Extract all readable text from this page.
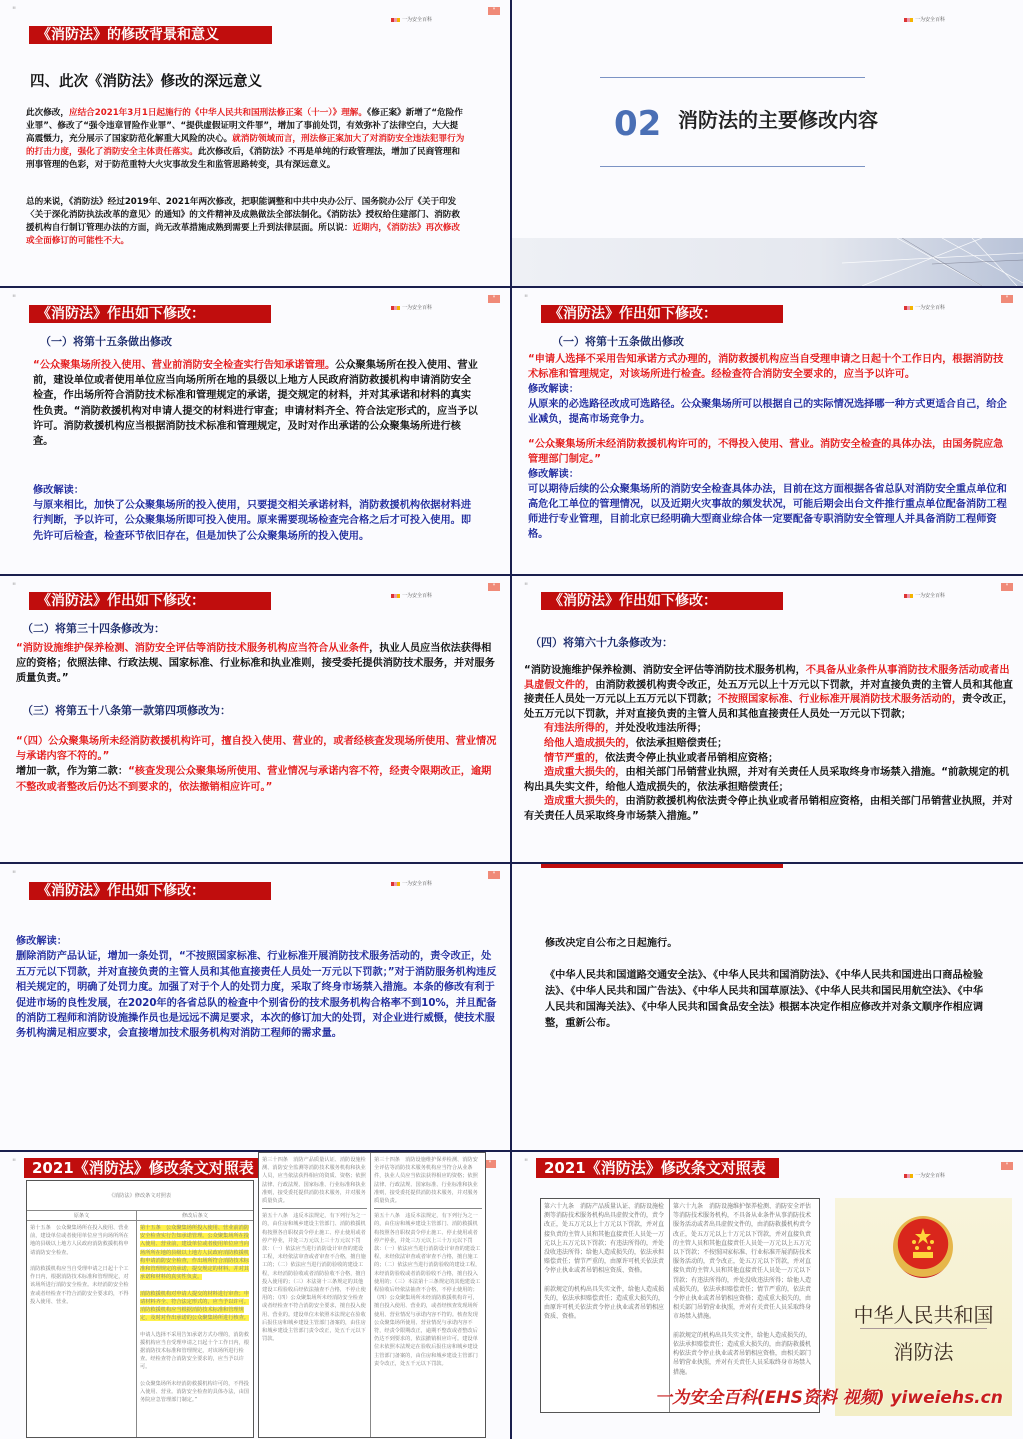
"
一为安全百科
"
《消防法》的修改背景和意义
四、此次《消防法》修改的深远意义
此次修改，应结合2021年3月1日起施行的《中华人民共和国刑法修正案（十一）》理解。《修正案》新增了“危险作业罪”、修改了“强令违章冒险作业罪”、“提供虚假证明文件罪”，增加了事前处罚，有效弥补了法律空白，大大提高震慑力，充分展示了国家防范化解重大风险的决心。就消防领域而言，刑法修正案加大了对消防安全违法犯罪行为的打击力度，强化了消防安全主体责任落实。此次修改后，《消防法》不再是单纯的行政管理法，增加了民商管理和刑事管理的色彩，对于防范重特大火灾事故发生和监管思路转变，具有深远意义。
总的来说，《消防法》经过2019年、2021年两次修改，把职能调整和中共中央办公厅、国务院办公厅《关于印发〈关于深化消防执法改革的意见〉的通知》的文件精神及成熟做法全部法制化。《消防法》授权给住建部门、消防救援机构自行制订管理办法的方面，尚无改革措施成熟到需要上升到法律层面。所以说：近期内，《消防法》再次修改或全面修订的可能性不大。
一为安全百科
02 消防法的主要修改内容
"
一为安全百科
"
《消防法》作出如下修改：
（一）将第十五条做出修改
“公众聚集场所投入使用、营业前消防安全检查实行告知承诺管理。公众聚集场所在投入使用、营业前，建设单位或者使用单位应当向场所所在地的县级以上地方人民政府消防救援机构申请消防安全检查，作出场所符合消防技术标准和管理规定的承诺，提交规定的材料，并对其承诺和材料的真实性负责。“消防救援机构对申请人提交的材料进行审查；申请材料齐全、符合法定形式的，应当予以许可。消防救援机构应当根据消防技术标准和管理规定，及时对作出承诺的公众聚集场所进行核查。
修改解读：
与原来相比，加快了公众聚集场所的投入使用，只要提交相关承诺材料，消防救援机构依据材料进行判断，予以许可，公众聚集场所即可投入使用。原来需要现场检查完合格之后才可投入使用。即先许可后检查，检查环节依旧存在，但是加快了公众聚集场所的投入使用。
"
一为安全百科
"
《消防法》作出如下修改：
（一）将第十五条做出修改
“申请人选择不采用告知承诺方式办理的，消防救援机构应当自受理申请之日起十个工作日内，根据消防技术标准和管理规定，对该场所进行检查。经检查符合消防安全要求的，应当予以许可。
修改解读：
从原来的必选路径改成可选路径。公众聚集场所可以根据自己的实际情况选择哪一种方式更适合自己，给企业减负，提高市场竞争力。
“公众聚集场所未经消防救援机构许可的，不得投入使用、营业。消防安全检查的具体办法，由国务院应急管理部门制定。”
修改解读：
可以期待后续的公众聚集场所的消防安全检查具体办法，目前在这方面根据各省总队对消防安全重点单位和高危化工单位的管理情况，以及近期火灾事故的频发状况，可能后期会出台文件推行重点单位配备消防工程师进行专业管理，目前北京已经明确大型商业综合体一定要配备专职消防安全管理人并具备消防工程师资格。
"
一为安全百科
"
《消防法》作出如下修改：
（二）将第三十四条修改为：
“消防设施维护保养检测、消防安全评估等消防技术服务机构应当符合从业条件，执业人员应当依法获得相应的资格；依照法律、行政法规、国家标准、行业标准和执业准则，接受委托提供消防技术服务，并对服务质量负责。”
（三）将第五十八条第一款第四项修改为：
“（四）公众聚集场所未经消防救援机构许可，擅自投入使用、营业的，或者经核查发现场所使用、营业情况与承诺内容不符的。”
增加一款，作为第二款：“核查发现公众聚集场所使用、营业情况与承诺内容不符，经责令限期改正，逾期不整改或者整改后仍达不到要求的，依法撤销相应许可。”
"
一为安全百科
"
《消防法》作出如下修改：
（四）将第六十九条修改为：
“消防设施维护保养检测、消防安全评估等消防技术服务机构，不具备从业条件从事消防技术服务活动或者出具虚假文件的，由消防救援机构责令改正，处五万元以上十万元以下罚款，并对直接负责的主管人员和其他直接责任人员处一万元以上五万元以下罚款；不按照国家标准、行业标准开展消防技术服务活动的，责令改正，处五万元以下罚款，并对直接负责的主管人员和其他直接责任人员处一万元以下罚款；
有违法所得的，并处没收违法所得；
给他人造成损失的，依法承担赔偿责任；
情节严重的，依法责令停止执业或者吊销相应资格；
造成重大损失的，由相关部门吊销营业执照，并对有关责任人员采取终身市场禁入措施。“前款规定的机构出具失实文件，给他人造成损失的，依法承担赔偿责任；
造成重大损失的，由消防救援机构依法责令停止执业或者吊销相应资格，由相关部门吊销营业执照，并对有关责任人员采取终身市场禁入措施。”
"
一为安全百科
"
《消防法》作出如下修改：
修改解读：
删除消防产品认证，增加一条处罚，“不按照国家标准、行业标准开展消防技术服务活动的，责令改正，处五万元以下罚款，并对直接负责的主管人员和其他直接责任人员处一万元以下罚款；”对于消防服务机构违反相关规定的，明确了处罚力度。加强了对于个人的处罚力度，采取了终身市场禁入措施。本条的修改有利于促进市场的良性发展，在2020年的各省总队的检查中个别省份的技术服务机构合格率不到10%，并且配备的消防工程师和消防设施操作员也是远远不满足要求，本次的修订加大的处罚，对企业进行威慑，使技术服务机构满足相应要求，会直接增加技术服务机构对消防工程师的需求量。
修改决定自公布之日起施行。
《中华人民共和国道路交通安全法》、《中华人民共和国消防法》、《中华人民共和国进出口商品检验法》、《中华人民共和国广告法》、《中华人民共和国草原法》、《中华人民共和国民用航空法》、《中华人民共和国海关法》、《中华人民共和国食品安全法》根据本决定作相应修改并对条文顺序作相应调整，重新公布。
"	"
2021《消防法》修改条文对照表
《消防法》修改条文对照表
原条文	修改后条文

第十五条　公众聚集场所在投入使用、营业前，建设单位或者使用单位应当向场所所在地的县级以上地方人民政府消防救援机构申请消防安全检查。

消防救援机构应当自受理申请之日起十个工作日内，根据消防技术标准和管理规定，对该场所进行消防安全检查。未经消防安全检查或者经检查不符合消防安全要求的，不得投入使用、营业。

第十五条　公众聚集场所投入使用、营业前消防安全检查实行告知承诺管理。公众聚集场所在投入使用、营业前，建设单位或者使用单位应当向场所所在地的县级以上地方人民政府消防救援机构申请消防安全检查，作出场所符合消防技术标准和管理规定的承诺，提交规定的材料，并对其承诺和材料的真实性负责。

消防救援机构对申请人提交的材料进行审查；申请材料齐全、符合法定形式的，应当予以许可。消防救援机构应当根据消防技术标准和管理规定，及时对作出承诺的公众聚集场所进行核查。

申请人选择不采用告知承诺方式办理的，消防救援机构应当自受理申请之日起十个工作日内，根据消防技术标准和管理规定，对该场所进行检查。经检查符合消防安全要求的，应当予以许可。

公众聚集场所未经消防救援机构许可的，不得投入使用、营业。消防安全检查的具体办法，由国务院应急管理部门制定。”

第三十四条　消防产品质量认证、消防设施检测、消防安全监测等消防技术服务机构和执业人员，应当依法获得相应的资质、资格；依照法律、行政法规、国家标准、行业标准和执业准则，接受委托提供消防技术服务，并对服务质量负责。

第五十八条　违反本法规定，有下列行为之一的，由住房和城乡建设主管部门、消防救援机构按照各自职权责令停止施工、停止使用或者停产停业，并处三万元以上三十万元以下罚款：（一）依法应当进行消防设计审查的建设工程，未经依法审查或者审查不合格，擅自施工的；（二）依法应当进行消防验收的建设工程，未经消防验收或者消防验收不合格，擅自投入使用的；（三）本法第十三条规定的其他建设工程验收后经依法抽查不合格，不停止使用的；（四）公众聚集场所未经消防安全检查或者经检查不符合消防安全要求，擅自投入使用、营业的。建设单位未依照本法规定在验收后报住房和城乡建设主管部门备案的，由住房和城乡建设主管部门责令改正，处五千元以下罚款。

第三十四条　消防设施维护保养检测、消防安全评估等消防技术服务机构应当符合从业条件，执业人员应当依法获得相应的资格；依照法律、行政法规、国家标准、行业标准和执业准则，接受委托提供消防技术服务，并对服务质量负责。

第五十八条　违反本法规定，有下列行为之一的，由住房和城乡建设主管部门、消防救援机构按照各自职权责令停止施工、停止使用或者停产停业，并处三万元以上三十万元以下罚款：（一）依法应当进行消防设计审查的建设工程，未经依法审查或者审查不合格，擅自施工的；（二）依法应当进行消防验收的建设工程，未经消防验收或者消防验收不合格，擅自投入使用的；（三）本法第十三条规定的其他建设工程验收后经依法抽查不合格，不停止使用的；（四）公众聚集场所未经消防救援机构许可，擅自投入使用、营业的，或者经核查发现场所使用、营业情况与承诺内容不符的。核查发现公众聚集场所使用、营业情况与承诺内容不符，经责令限期改正，逾期不整改或者整改后仍达不到要求的，依法撤销相应许可。建设单位未依照本法规定在验收后报住房和城乡建设主管部门备案的，由住房和城乡建设主管部门责令改正，处五千元以下罚款。

"
一为安全百科
"
2021《消防法》修改条文对照表

第六十九条　消防产品质量认证、消防设施检测等消防技术服务机构出具虚假文件的，责令改正，处五万元以上十万元以下罚款，并对直接负责的主管人员和其他直接责任人员处一万元以上五万元以下罚款；有违法所得的，并处没收违法所得；给他人造成损失的，依法承担赔偿责任；情节严重的，由原许可机关依法责令停止执业或者吊销相应资质、资格。

前款规定的机构出具失实文件，给他人造成损失的，依法承担赔偿责任；造成重大损失的，由原许可机关依法责令停止执业或者吊销相应资质、资格。

第六十九条　消防设施维护保养检测、消防安全评估等消防技术服务机构，不具备从业条件从事消防技术服务活动或者出具虚假文件的，由消防救援机构责令改正，处五万元以上十万元以下罚款，并对直接负责的主管人员和其他直接责任人员处一万元以上五万元以下罚款；不按照国家标准、行业标准开展消防技术服务活动的，责令改正，处五万元以下罚款，并对直接负责的主管人员和其他直接责任人员处一万元以下罚款；有违法所得的，并处没收违法所得；给他人造成损失的，依法承担赔偿责任；情节严重的，依法责令停止执业或者吊销相应资格；造成重大损失的，由相关部门吊销营业执照，并对有关责任人员采取终身市场禁入措施。

前款规定的机构出具失实文件，给他人造成损失的，依法承担赔偿责任；造成重大损失的，由消防救援机构依法责令停止执业或者吊销相应资格，由相关部门吊销营业执照，并对有关责任人员采取终身市场禁入措施。

中华人民共和国
消防法
一为安全百科(EHS资料 视频) yiweiehs.cn
